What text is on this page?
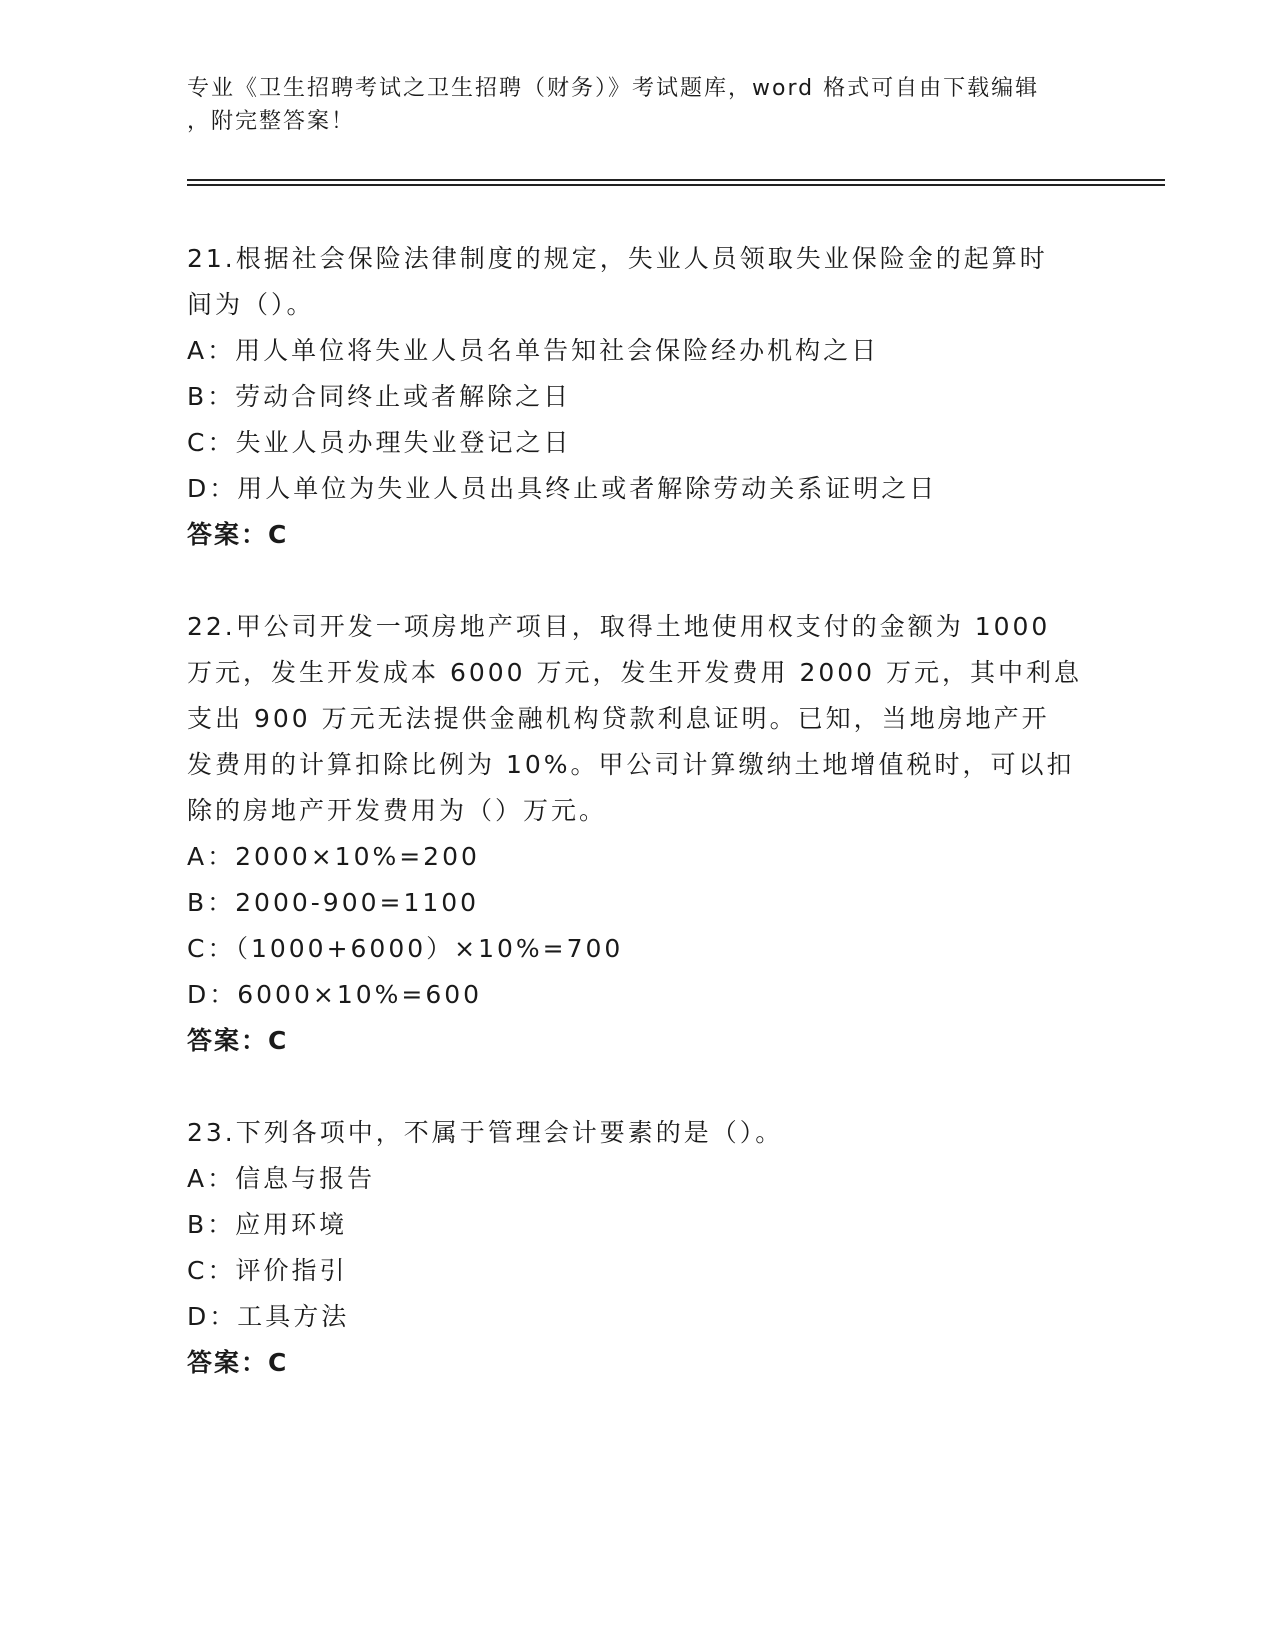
专业《卫生招聘考试之卫生招聘（财务）》考试题库，word 格式可自由下载编辑
，附完整答案！

21.根据社会保险法律制度的规定，失业人员领取失业保险金的起算时

间为（）。

A：用人单位将失业人员名单告知社会保险经办机构之日

B：劳动合同终止或者解除之日

C：失业人员办理失业登记之日

D：用人单位为失业人员出具终止或者解除劳动关系证明之日

答案：C

22.甲公司开发一项房地产项目，取得土地使用权支付的金额为 1000

万元，发生开发成本 6000 万元，发生开发费用 2000 万元，其中利息

支出 900 万元无法提供金融机构贷款利息证明。已知，当地房地产开

发费用的计算扣除比例为 10%。甲公司计算缴纳土地增值税时，可以扣

除的房地产开发费用为（）万元。

A：2000×10%=200

B：2000-900=1100

C：（1000+6000）×10%=700

D：6000×10%=600

答案：C

23.下列各项中，不属于管理会计要素的是（）。

A：信息与报告

B：应用环境

C：评价指引

D：工具方法

答案：C
